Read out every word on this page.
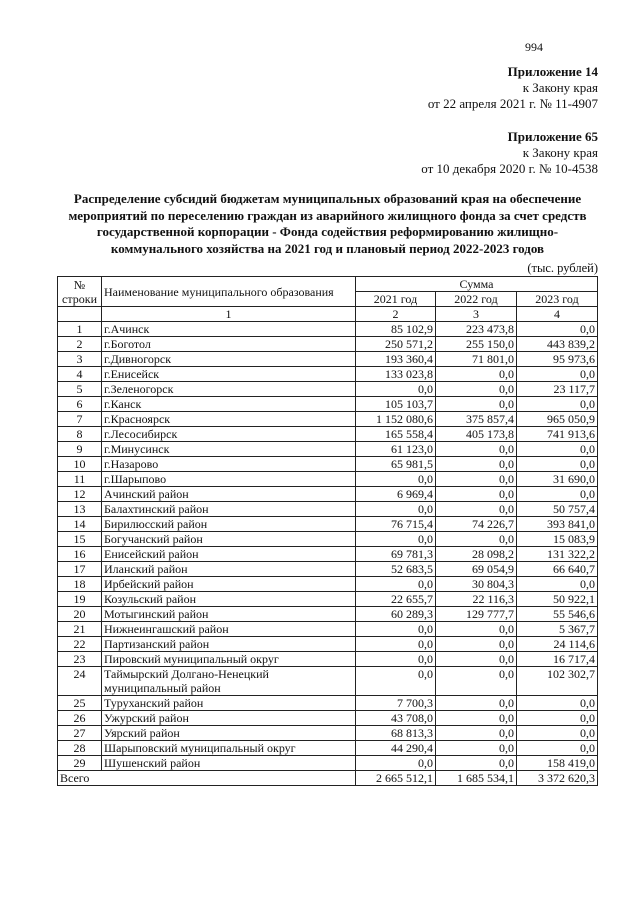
994
Приложение 14
к Закону края
от 22 апреля 2021 г. № 11-4907
Приложение 65
к Закону края
от 10 декабря 2020 г. № 10-4538
Распределение субсидий бюджетам муниципальных образований края на обеспечение мероприятий по переселению граждан из аварийного жилищного фонда за счет средств государственной корпорации - Фонда содействия реформированию жилищно-коммунального хозяйства на 2021 год и плановый период 2022-2023 годов
(тыс. рублей)
№ строки	Наименование муниципального образования	Сумма		
		2021 год	2022 год	2023 год
	1	2	3	4
1	г.Ачинск	85 102,9	223 473,8	0,0
2	г.Боготол	250 571,2	255 150,0	443 839,2
3	г.Дивногорск	193 360,4	71 801,0	95 973,6
4	г.Енисейск	133 023,8	0,0	0,0
5	г.Зеленогорск	0,0	0,0	23 117,7
6	г.Канск	105 103,7	0,0	0,0
7	г.Красноярск	1 152 080,6	375 857,4	965 050,9
8	г.Лесосибирск	165 558,4	405 173,8	741 913,6
9	г.Минусинск	61 123,0	0,0	0,0
10	г.Назарово	65 981,5	0,0	0,0
11	г.Шарыпово	0,0	0,0	31 690,0
12	Ачинский район	6 969,4	0,0	0,0
13	Балахтинский район	0,0	0,0	50 757,4
14	Бирилюсский район	76 715,4	74 226,7	393 841,0
15	Богучанский район	0,0	0,0	15 083,9
16	Енисейский район	69 781,3	28 098,2	131 322,2
17	Иланский район	52 683,5	69 054,9	66 640,7
18	Ирбейский район	0,0	30 804,3	0,0
19	Козульский район	22 655,7	22 116,3	50 922,1
20	Мотыгинский район	60 289,3	129 777,7	55 546,6
21	Нижнеингашский район	0,0	0,0	5 367,7
22	Партизанский район	0,0	0,0	24 114,6
23	Пировский муниципальный округ	0,0	0,0	16 717,4
24	Таймырский Долгано-Ненецкий муниципальный район	0,0	0,0	102 302,7
25	Туруханский район	7 700,3	0,0	0,0
26	Ужурский район	43 708,0	0,0	0,0
27	Уярский район	68 813,3	0,0	0,0
28	Шарыповский муниципальный округ	44 290,4	0,0	0,0
29	Шушенский район	0,0	0,0	158 419,0
Всего		2 665 512,1	1 685 534,1	3 372 620,3
